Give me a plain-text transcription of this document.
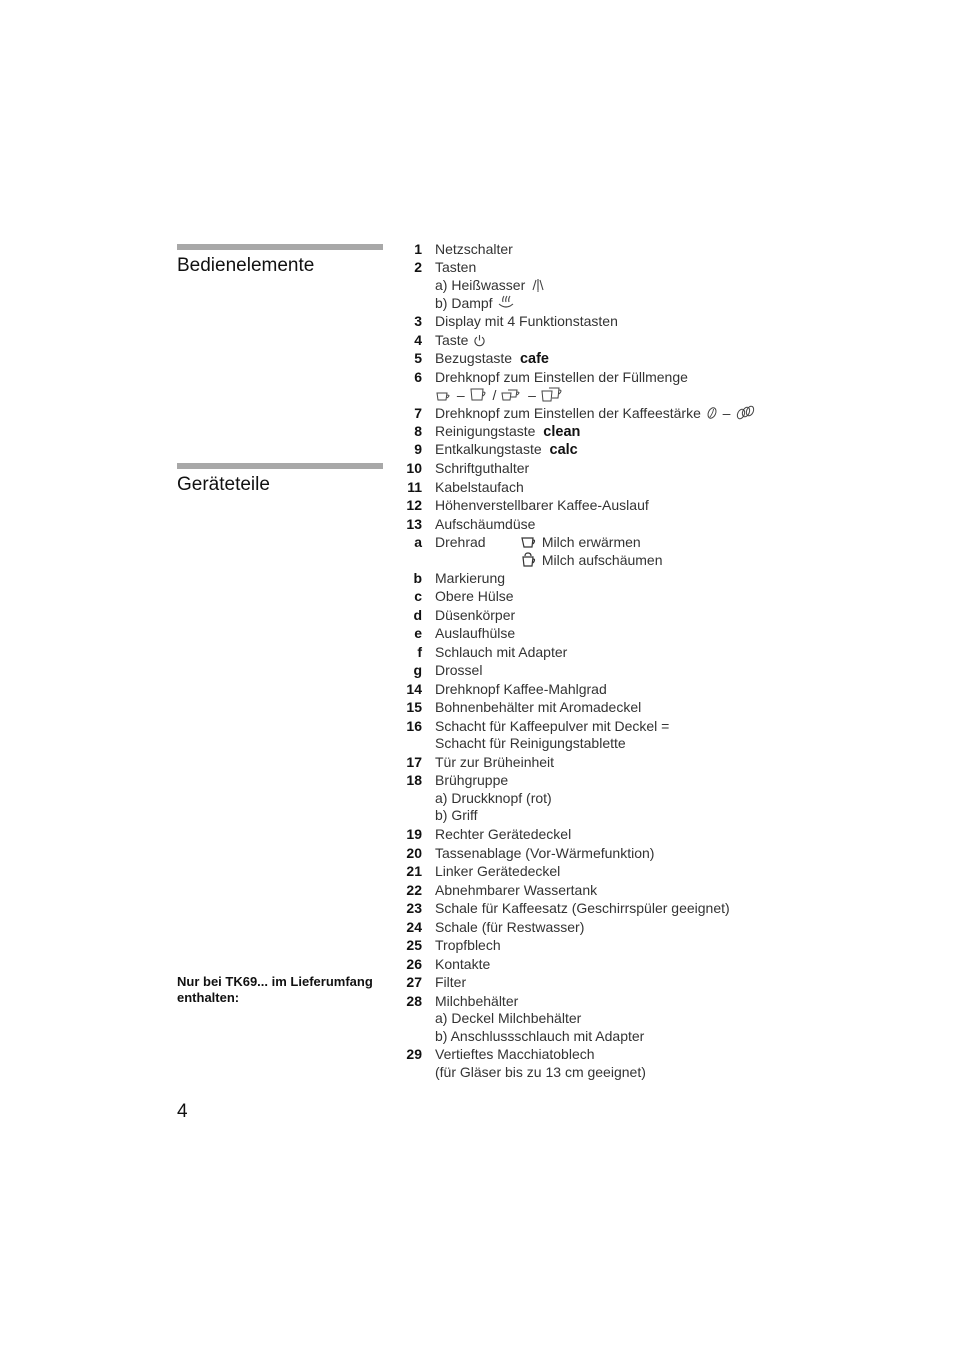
Bedienelemente
Geräteteile
Nur bei TK69... im Lieferumfang enthalten:
4
1 Netzschalter
2 Tasten
a) Heißwasser
b) Dampf
3 Display mit 4 Funktionstasten
4 Taste
5 Bezugstaste cafe
6 Drehknopf zum Einstellen der Füllmenge
– / –
7 Drehknopf zum Einstellen der Kaffeestärke –
8 Reinigungstaste clean
9 Entkalkungstaste calc
10 Schriftguthalter
11 Kabelstaufach
12 Höhenverstellbarer Kaffee-Auslauf
13 Aufschäumdüse
a Drehrad	Milch erwärmen
Milch aufschäumen
b Markierung
c Obere Hülse
d Düsenkörper
e Auslaufhülse
f Schlauch mit Adapter
g Drossel
14 Drehknopf Kaffee-Mahlgrad
15 Bohnenbehälter mit Aromadeckel
16 Schacht für Kaffeepulver mit Deckel =
Schacht für Reinigungstablette
17 Tür zur Brüheinheit
18 Brühgruppe
a) Druckknopf (rot)
b) Griff
19 Rechter Gerätedeckel
20 Tassenablage (Vor-Wärmefunktion)
21 Linker Gerätedeckel
22 Abnehmbarer Wassertank
23 Schale für Kaffeesatz (Geschirrspüler geeignet)
24 Schale (für Restwasser)
25 Tropfblech
26 Kontakte
27 Filter
28 Milchbehälter
a) Deckel Milchbehälter
b) Anschlussschlauch mit Adapter
29 Vertieftes Macchiatoblech
(für Gläser bis zu 13 cm geeignet)
